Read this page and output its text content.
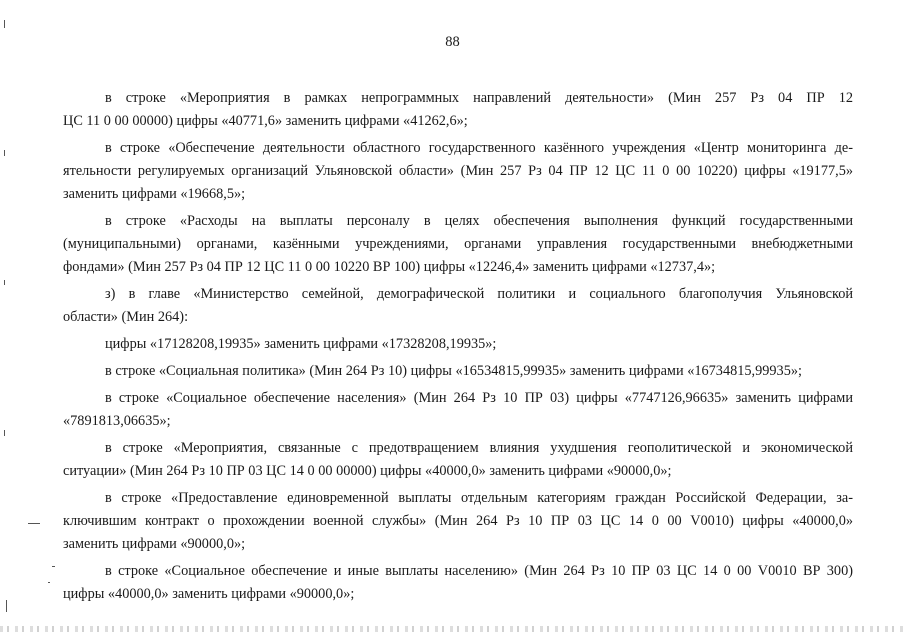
88
в строке «Мероприятия в рамках непрограммных направлений деятельности» (Мин 257 Рз 04 ПР 12
ЦС 11 0 00 00000) цифры «40771,6» заменить цифрами «41262,6»;
в строке «Обеспечение деятельности областного государственного казённого учреждения «Центр мониторинга де-
ятельности регулируемых организаций Ульяновской области» (Мин 257 Рз 04 ПР 12 ЦС 11 0 00 10220) цифры «19177,5»
заменить цифрами «19668,5»;
в строке «Расходы на выплаты персоналу в целях обеспечения выполнения функций государственными
(муниципальными) органами, казёнными учреждениями, органами управления государственными внебюджетными
фондами» (Мин 257 Рз 04 ПР 12 ЦС 11 0 00 10220 ВР 100) цифры «12246,4» заменить цифрами «12737,4»;
з) в главе «Министерство семейной, демографической политики и социального благополучия Ульяновской
области» (Мин 264):
цифры «17128208,19935» заменить цифрами «17328208,19935»;
в строке «Социальная политика» (Мин 264 Рз 10) цифры «16534815,99935» заменить цифрами «16734815,99935»;
в строке «Социальное обеспечение населения» (Мин 264 Рз 10 ПР 03) цифры «7747126,96635» заменить цифрами
«7891813,06635»;
в строке «Мероприятия, связанные с предотвращением влияния ухудшения геополитической и экономической
ситуации» (Мин 264 Рз 10 ПР 03 ЦС 14 0 00 00000) цифры «40000,0» заменить цифрами «90000,0»;
в строке «Предоставление единовременной выплаты отдельным категориям граждан Российской Федерации, за-
ключившим контракт о прохождении военной службы» (Мин 264 Рз 10 ПР 03 ЦС 14 0 00 V0010) цифры «40000,0»
заменить цифрами «90000,0»;
в строке «Социальное обеспечение и иные выплаты населению» (Мин 264 Рз 10 ПР 03 ЦС 14 0 00 V0010 ВР 300)
цифры «40000,0» заменить цифрами «90000,0»;
